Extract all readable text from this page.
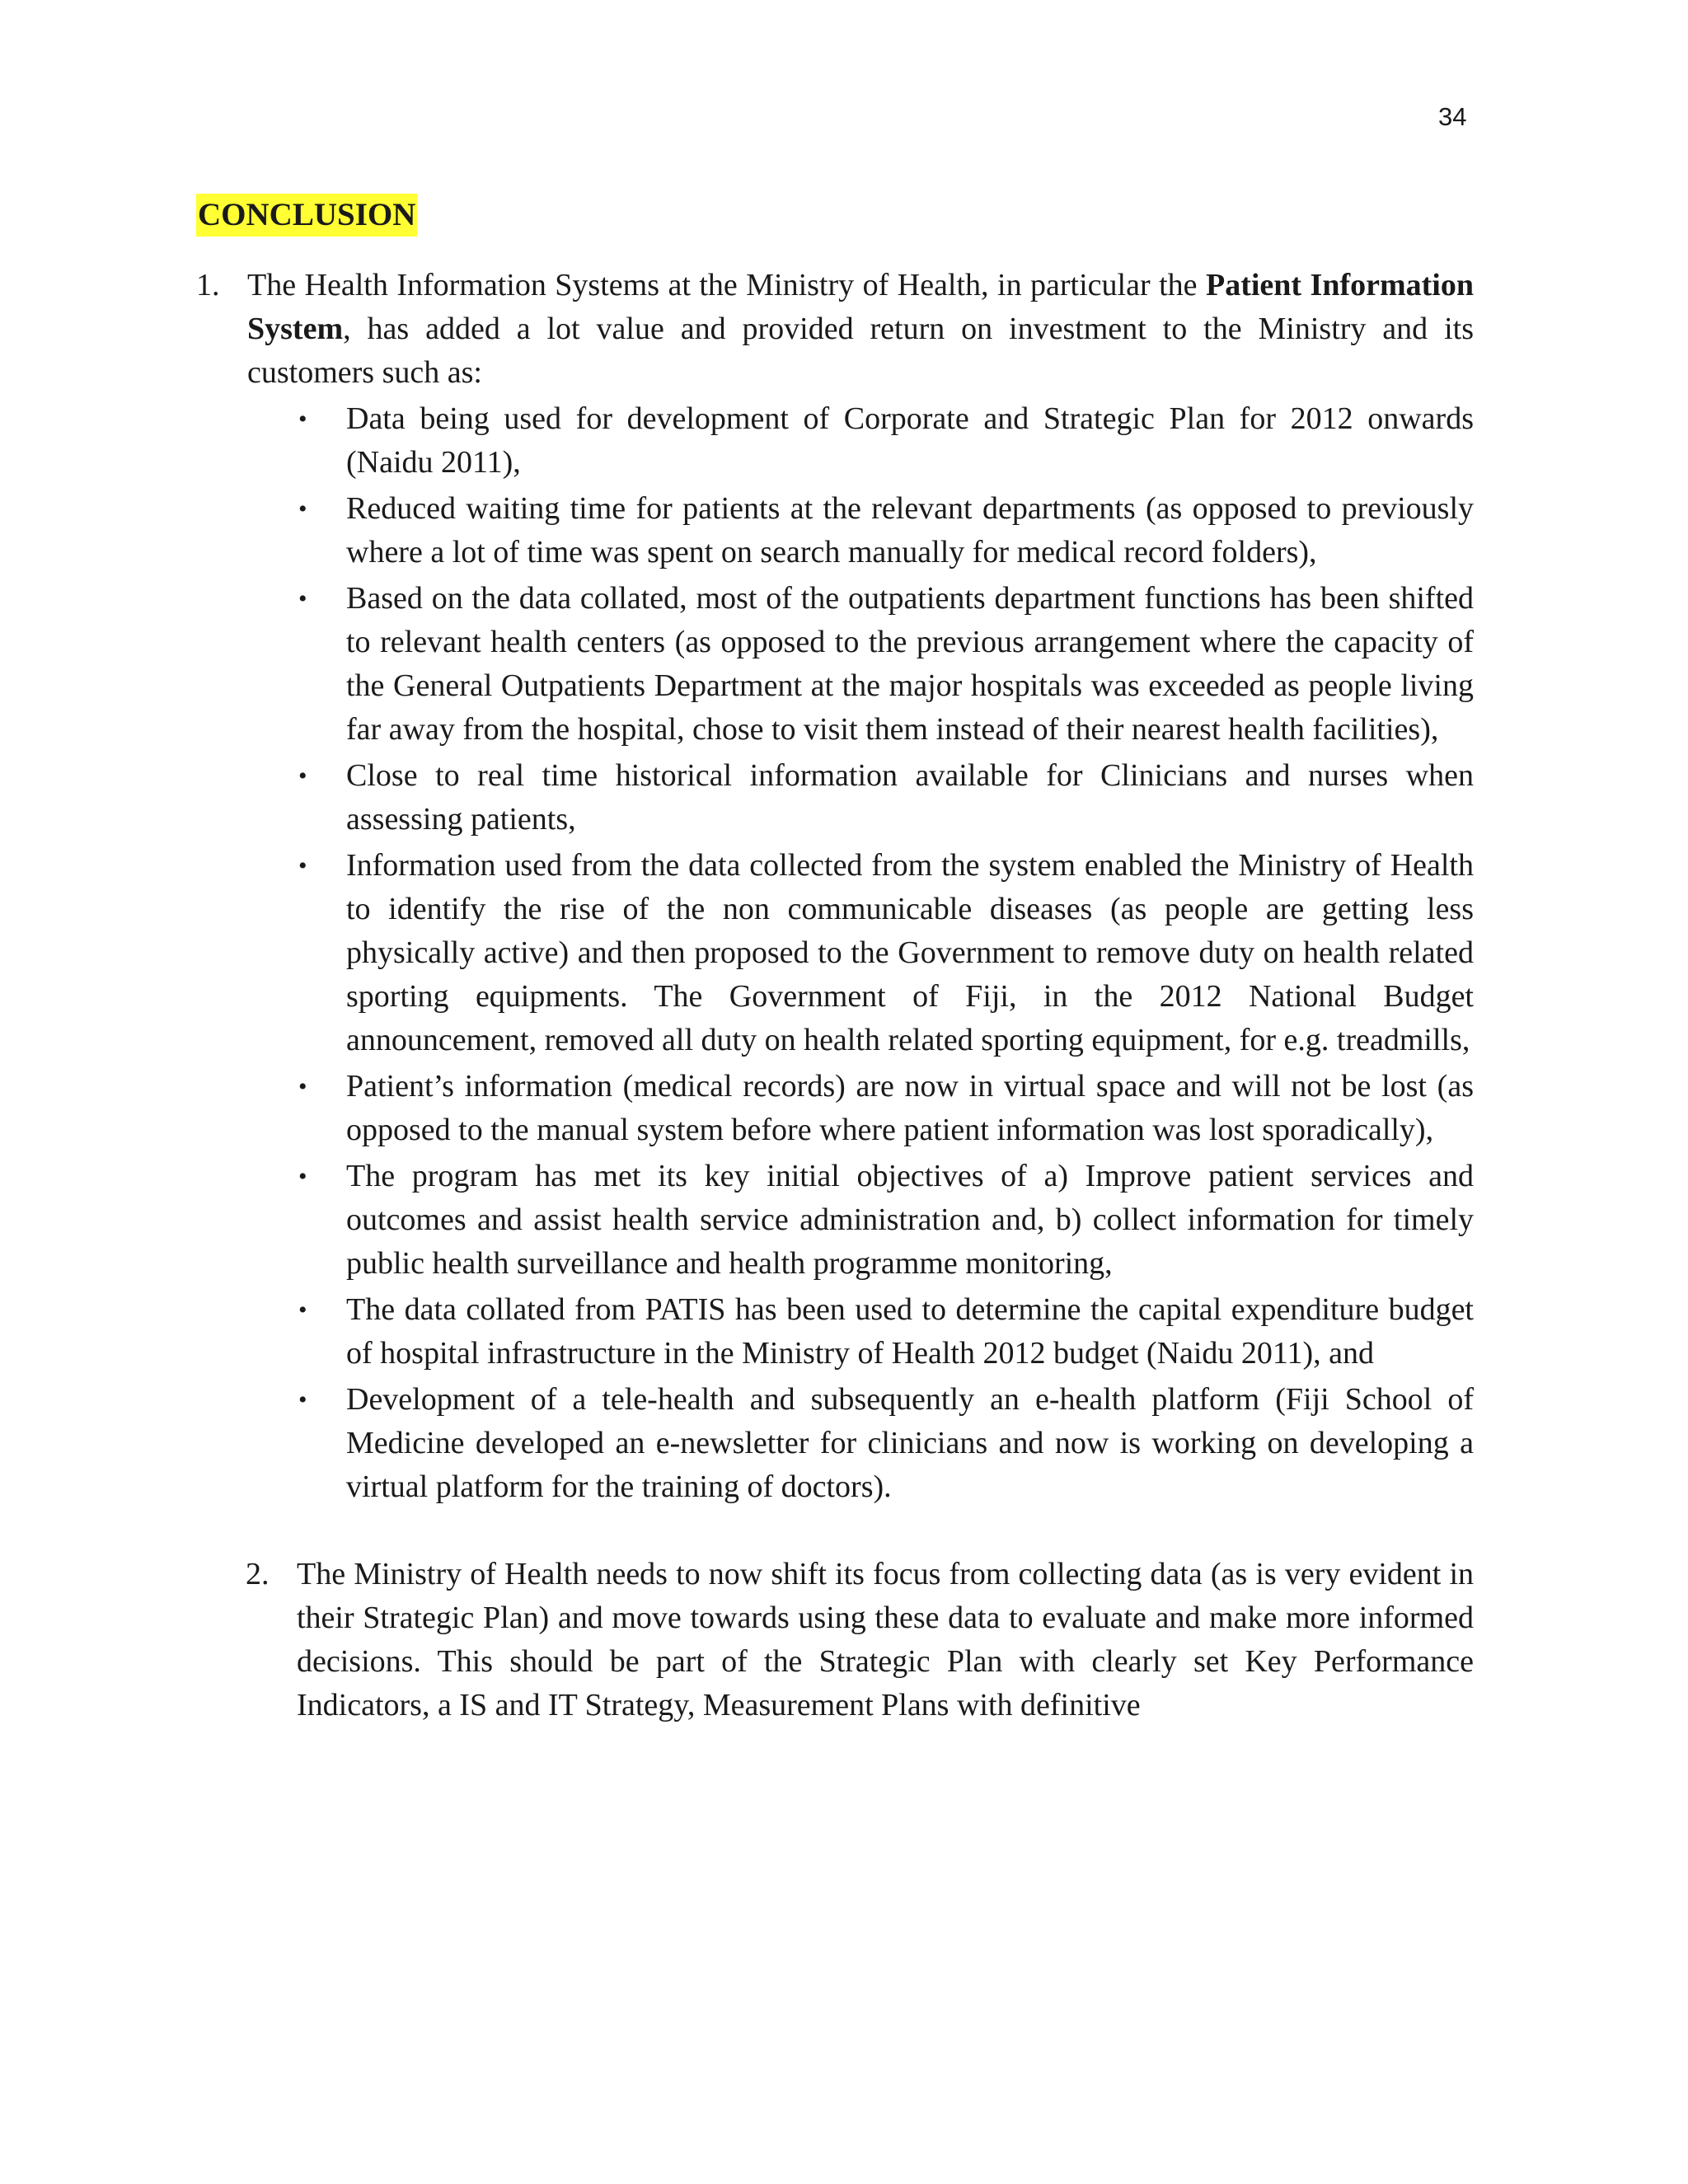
34
CONCLUSION
1. The Health Information Systems at the Ministry of Health, in particular the Patient Information System, has added a lot value and provided return on investment to the Ministry and its customers such as:
• Data being used for development of Corporate and Strategic Plan for 2012 onwards (Naidu 2011),
• Reduced waiting time for patients at the relevant departments (as opposed to previously where a lot of time was spent on search manually for medical record folders),
• Based on the data collated, most of the outpatients department functions has been shifted to relevant health centers (as opposed to the previous arrangement where the capacity of the General Outpatients Department at the major hospitals was exceeded as people living far away from the hospital, chose to visit them instead of their nearest health facilities),
• Close to real time historical information available for Clinicians and nurses when assessing patients,
• Information used from the data collected from the system enabled the Ministry of Health to identify the rise of the non communicable diseases (as people are getting less physically active) and then proposed to the Government to remove duty on health related sporting equipments. The Government of Fiji, in the 2012 National Budget announcement, removed all duty on health related sporting equipment, for e.g. treadmills,
• Patient’s information (medical records) are now in virtual space and will not be lost (as opposed to the manual system before where patient information was lost sporadically),
• The program has met its key initial objectives of a) Improve patient services and outcomes and assist health service administration and, b) collect information for timely public health surveillance and health programme monitoring,
• The data collated from PATIS has been used to determine the capital expenditure budget of hospital infrastructure in the Ministry of Health 2012 budget (Naidu 2011), and
• Development of a tele-health and subsequently an e-health platform (Fiji School of Medicine developed an e-newsletter for clinicians and now is working on developing a virtual platform for the training of doctors).
2. The Ministry of Health needs to now shift its focus from collecting data (as is very evident in their Strategic Plan) and move towards using these data to evaluate and make more informed decisions. This should be part of the Strategic Plan with clearly set Key Performance Indicators, a IS and IT Strategy, Measurement Plans with definitive
